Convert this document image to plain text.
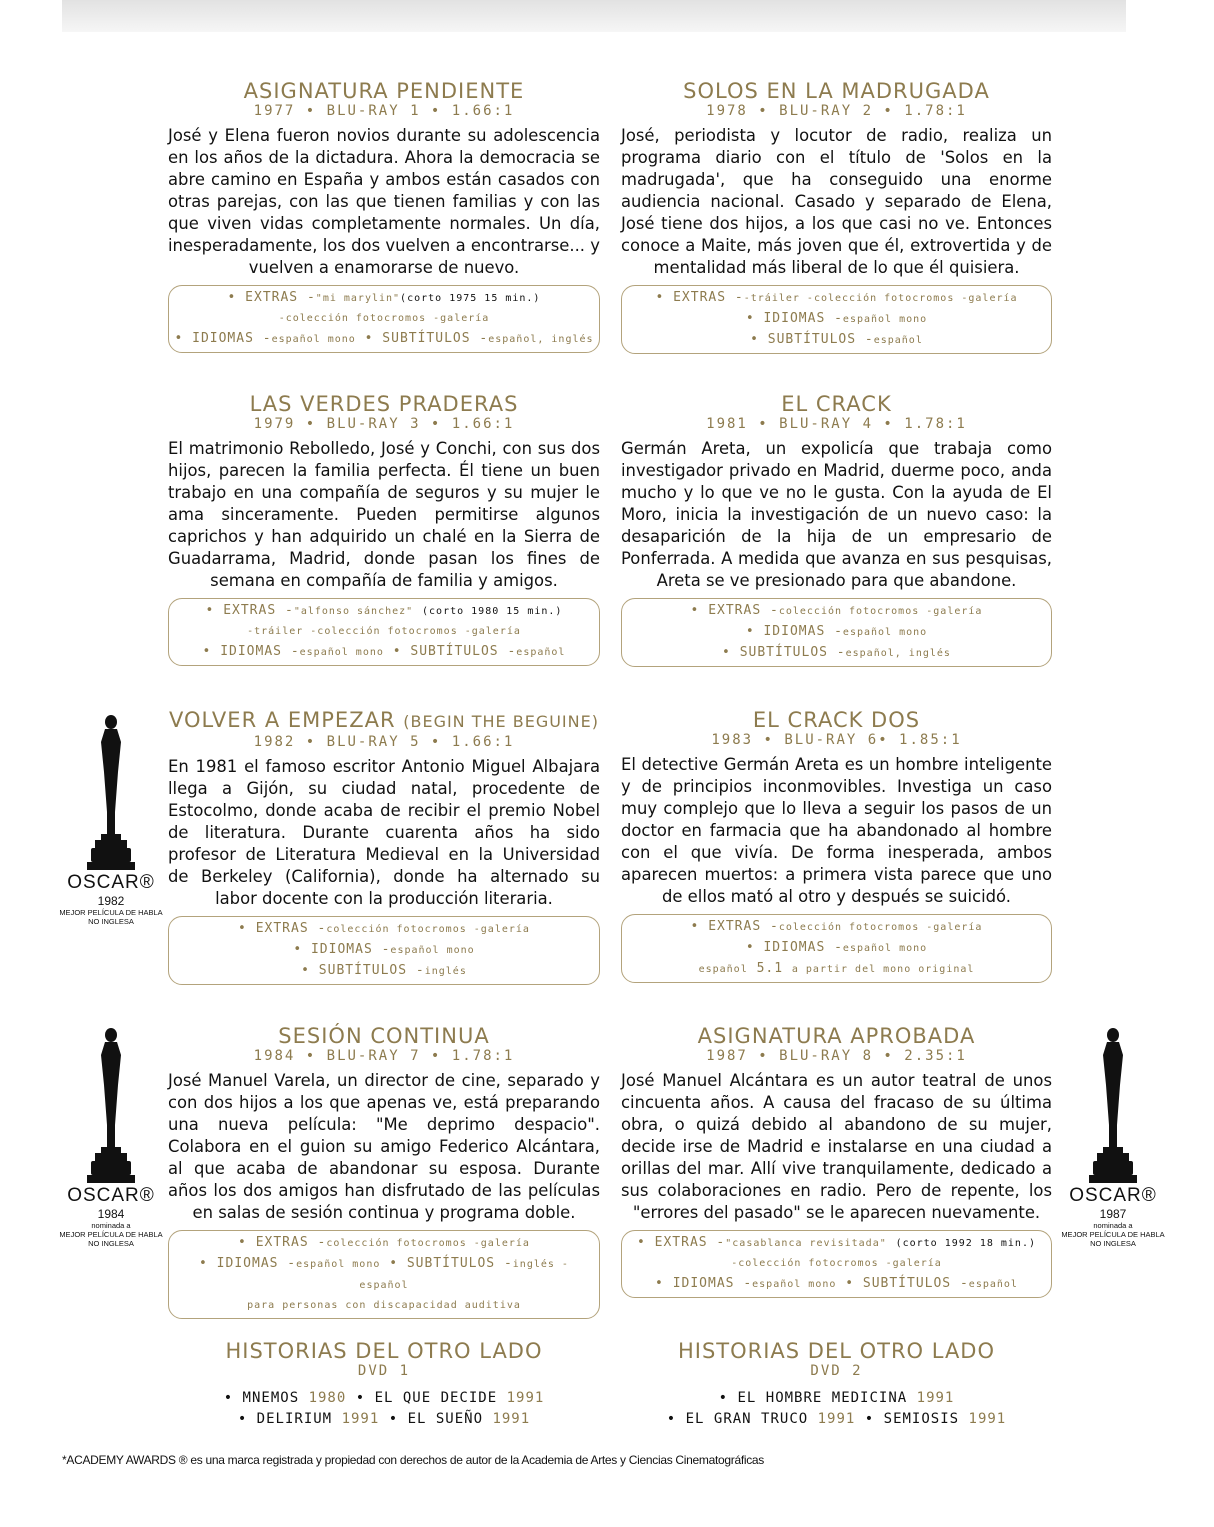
ASIGNATURA PENDIENTE
1977 • BLU-RAY 1 • 1.66:1
José y Elena fueron novios durante su adolescencia en los años de la dictadura. Ahora la democracia se abre camino en España y ambos están casados con otras parejas, con las que tienen familias y con las que viven vidas completamente normales. Un día, inesperadamente, los dos vuelven a encontrarse... y vuelven a enamorarse de nuevo.
• EXTRAS -"mi marylin"(corto 1975 15 min.)
-colección fotocromos -galería
• IDIOMAS -español mono • SUBTÍTULOS -español, inglés
SOLOS EN LA MADRUGADA
1978 • BLU-RAY 2 • 1.78:1
José, periodista y locutor de radio, realiza un programa diario con el título de 'Solos en la madrugada', que ha conseguido una enorme audiencia nacional. Casado y separado de Elena, José tiene dos hijos, a los que casi no ve. Entonces conoce a Maite, más joven que él, extrovertida y de mentalidad más liberal de lo que él quisiera.
• EXTRAS --tráiler -colección fotocromos -galería
• IDIOMAS -español mono
• SUBTÍTULOS -español
LAS VERDES PRADERAS
1979 • BLU-RAY 3 • 1.66:1
El matrimonio Rebolledo, José y Conchi, con sus dos hijos, parecen la familia perfecta. Él tiene un buen trabajo en una compañía de seguros y su mujer le ama sinceramente. Pueden permitirse algunos caprichos y han adquirido un chalé en la Sierra de Guadarrama, Madrid, donde pasan los fines de semana en compañía de familia y amigos.
• EXTRAS -"alfonso sánchez" (corto 1980 15 min.)
-tráiler -colección fotocromos -galería
• IDIOMAS -español mono • SUBTÍTULOS -español
EL CRACK
1981 • BLU-RAY 4 • 1.78:1
Germán Areta, un expolicía que trabaja como investigador privado en Madrid, duerme poco, anda mucho y lo que ve no le gusta. Con la ayuda de El Moro, inicia la investigación de un nuevo caso: la desaparición de la hija de un empresario de Ponferrada. A medida que avanza en sus pesquisas, Areta se ve presionado para que abandone.
• EXTRAS -colección fotocromos -galería
• IDIOMAS -español mono
• SUBTÍTULOS -español, inglés
VOLVER A EMPEZAR (BEGIN THE BEGUINE)
1982 • BLU-RAY 5 • 1.66:1
En 1981 el famoso escritor Antonio Miguel Albajara llega a Gijón, su ciudad natal, procedente de Estocolmo, donde acaba de recibir el premio Nobel de literatura. Durante cuarenta años ha sido profesor de Literatura Medieval en la Universidad de Berkeley (California), donde ha alternado su labor docente con la producción literaria.
• EXTRAS -colección fotocromos -galería
• IDIOMAS -español mono
• SUBTÍTULOS -inglés
EL CRACK DOS
1983 • BLU-RAY 6• 1.85:1
El detective Germán Areta es un hombre inteligente y de principios inconmovibles. Investiga un caso muy complejo que lo lleva a seguir los pasos de un doctor en farmacia que ha abandonado al hombre con el que vivía. De forma inesperada, ambos aparecen muertos: a primera vista parece que uno de ellos mató al otro y después se suicidó.
• EXTRAS -colección fotocromos -galería
• IDIOMAS -español mono
español 5.1 a partir del mono original
SESIÓN CONTINUA
1984 • BLU-RAY 7 • 1.78:1
José Manuel Varela, un director de cine, separado y con dos hijos a los que apenas ve, está preparando una nueva película: "Me deprimo despacio". Colabora en el guion su amigo Federico Alcántara, al que acaba de abandonar su esposa. Durante años los dos amigos han disfrutado de las películas en salas de sesión continua y programa doble.
• EXTRAS -colección fotocromos -galería
• IDIOMAS -español mono • SUBTÍTULOS -inglés - español
para personas con discapacidad auditiva
ASIGNATURA APROBADA
1987 • BLU-RAY 8 • 2.35:1
José Manuel Alcántara es un autor teatral de unos cincuenta años. A causa del fracaso de su última obra, o quizá debido al abandono de su mujer, decide irse de Madrid e instalarse en una ciudad a orillas del mar. Allí vive tranquilamente, dedicado a sus colaboraciones en radio. Pero de repente, los "errores del pasado" se le aparecen nuevamente.
• EXTRAS -"casablanca revisitada" (corto 1992 18 min.)
-colección fotocromos -galería
• IDIOMAS -español mono • SUBTÍTULOS -español
OSCAR®
1982
MEJOR PELÍCULA DE HABLA NO INGLESA
OSCAR®
1984
nominada a
MEJOR PELÍCULA DE HABLA NO INGLESA
OSCAR®
1987
nominada a
MEJOR PELÍCULA DE HABLA NO INGLESA
HISTORIAS DEL OTRO LADO
DVD 1
• MNEMOS 1980 • EL QUE DECIDE 1991
• DELIRIUM 1991 • EL SUEÑO 1991
HISTORIAS DEL OTRO LADO
DVD 2
• EL HOMBRE MEDICINA 1991
• EL GRAN TRUCO 1991 • SEMIOSIS 1991
*ACADEMY AWARDS ® es una marca registrada y propiedad con derechos de autor de la Academia de Artes y Ciencias Cinematográficas
